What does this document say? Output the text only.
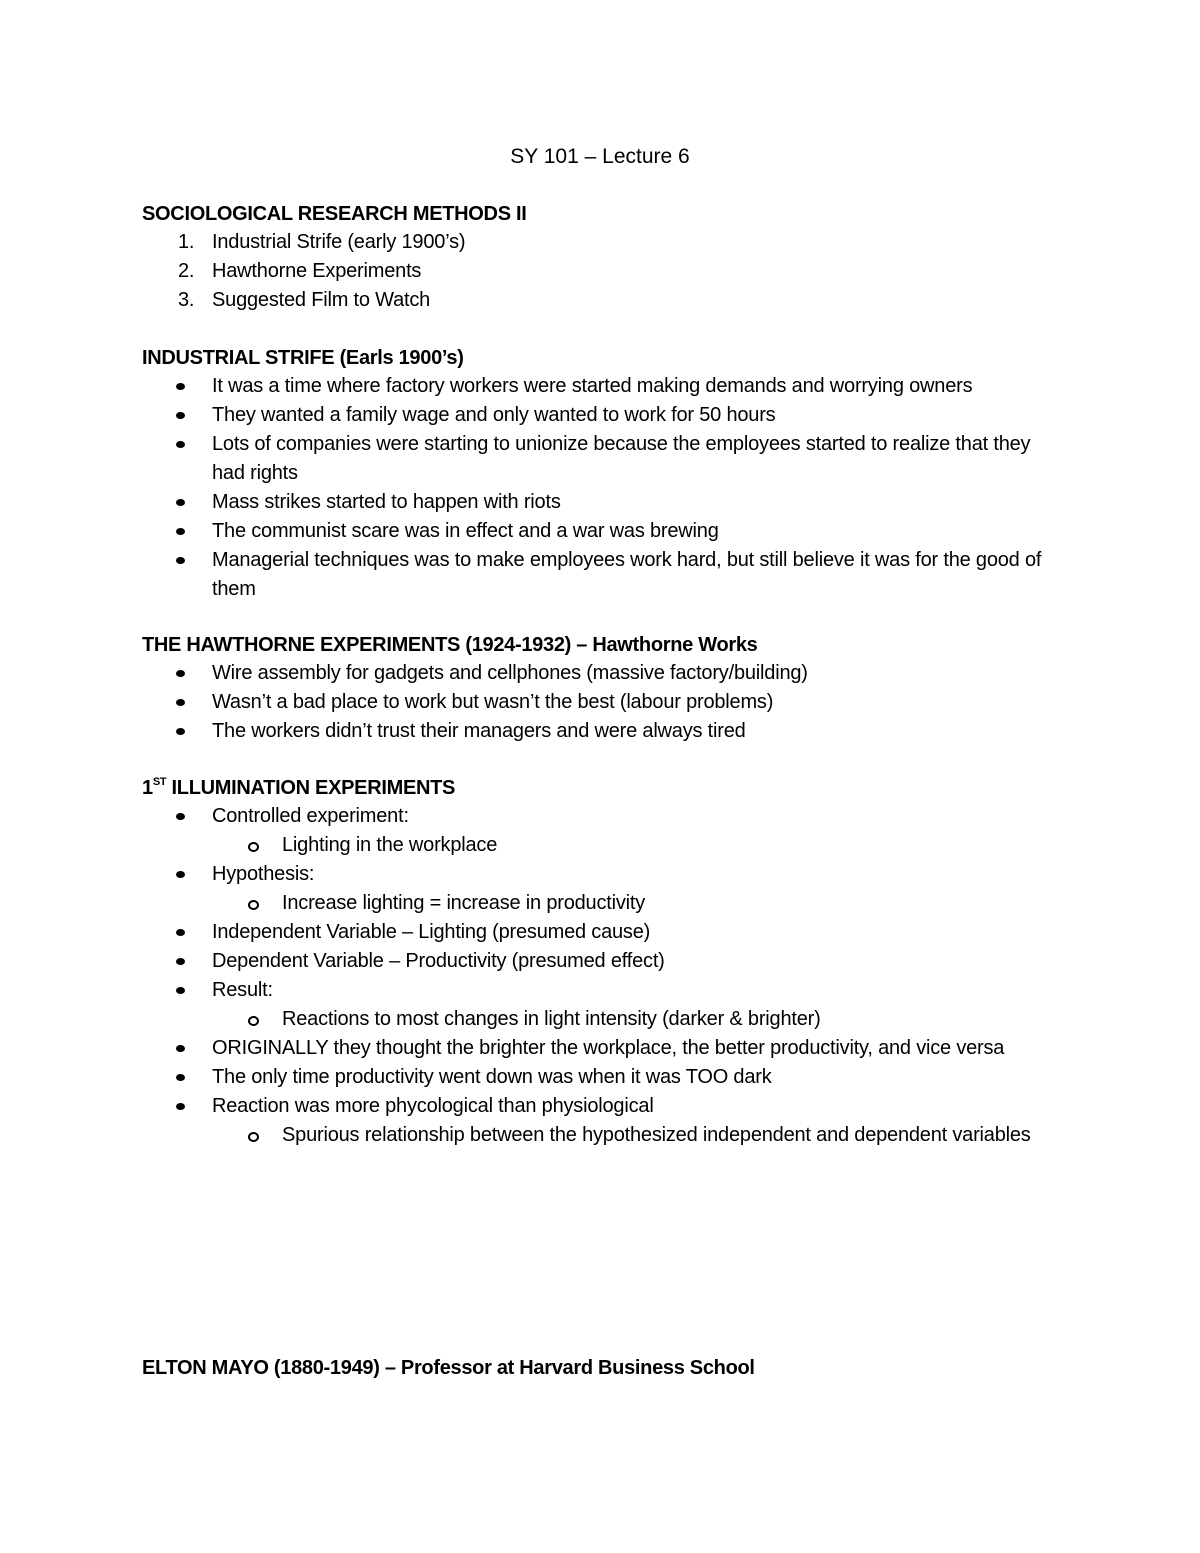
SY 101 – Lecture 6
SOCIOLOGICAL RESEARCH METHODS II
1. Industrial Strife (early 1900’s)
2. Hawthorne Experiments
3. Suggested Film to Watch
INDUSTRIAL STRIFE (Earls 1900’s)
It was a time where factory workers were started making demands and worrying owners
They wanted a family wage and only wanted to work for 50 hours
Lots of companies were starting to unionize because the employees started to realize that they had rights
Mass strikes started to happen with riots
The communist scare was in effect and a war was brewing
Managerial techniques was to make employees work hard, but still believe it was for the good of them
THE HAWTHORNE EXPERIMENTS (1924-1932) – Hawthorne Works
Wire assembly for gadgets and cellphones (massive factory/building)
Wasn’t a bad place to work but wasn’t the best (labour problems)
The workers didn’t trust their managers and were always tired
1ST ILLUMINATION EXPERIMENTS
Controlled experiment:
Lighting in the workplace
Hypothesis:
Increase lighting = increase in productivity
Independent Variable – Lighting (presumed cause)
Dependent Variable – Productivity (presumed effect)
Result:
Reactions to most changes in light intensity (darker & brighter)
ORIGINALLY they thought the brighter the workplace, the better productivity, and vice versa
The only time productivity went down was when it was TOO dark
Reaction was more phycological than physiological
Spurious relationship between the hypothesized independent and dependent variables
ELTON MAYO (1880-1949) – Professor at Harvard Business School
